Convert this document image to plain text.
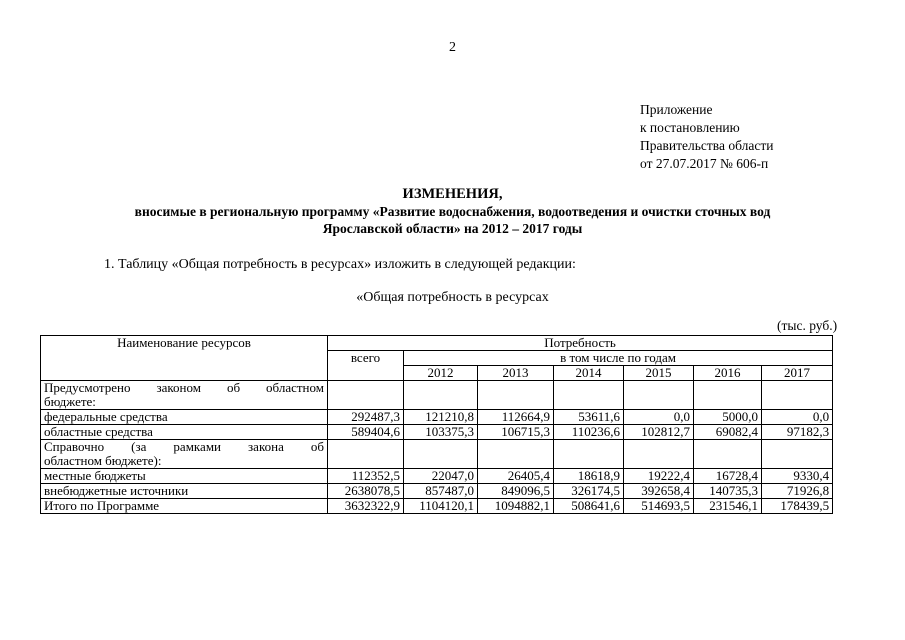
2
Приложение
к постановлению
Правительства области
от 27.07.2017 № 606-п
ИЗМЕНЕНИЯ,
вносимые в региональную программу «Развитие водоснабжения, водоотведения и очистки сточных вод
Ярославской области» на 2012 – 2017 годы
1. Таблицу «Общая потребность в ресурсах» изложить в следующей редакции:
«Общая потребность в ресурсах
(тыс. руб.)
Наименование ресурсов	Потребность						
	всего	в том числе по годам					
		2012	2013	2014	2015	2016	2017

Предусмотрено законом об областном
бюджете:							

федеральные средства	292487,3	121210,8	112664,9	53611,6	0,0	5000,0	0,0
областные средства	589404,6	103375,3	106715,3	110236,6	102812,7	69082,4	97182,3

Справочно (за рамками закона об
областном бюджете):							

местные бюджеты	112352,5	22047,0	26405,4	18618,9	19222,4	16728,4	9330,4
внебюджетные источники	2638078,5	857487,0	849096,5	326174,5	392658,4	140735,3	71926,8
Итого по Программе	3632322,9	1104120,1	1094882,1	508641,6	514693,5	231546,1	178439,5
